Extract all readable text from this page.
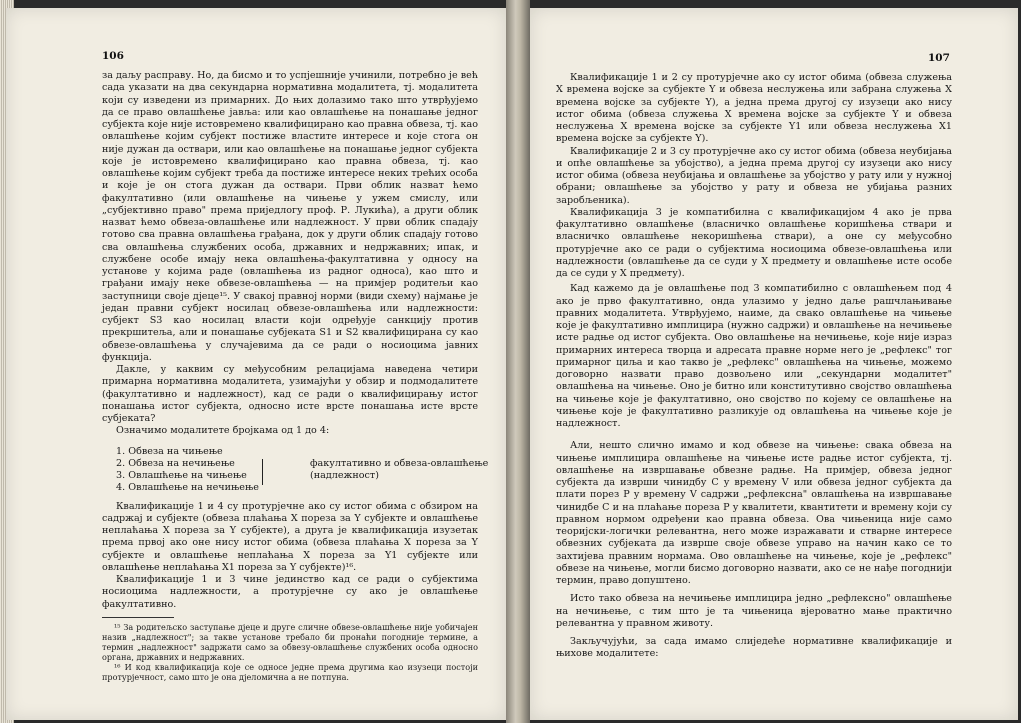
106

за даљу расправу. Но, да бисмо и то успјешније учинили, потребно је већ сада указати на два секундарна нормативна модалитета, тј. модалитета који су изведени из примарних. До њих долазимо тако што утврђујемо да се право овлашћење јавља: или као овлашћење на понашање једног субјекта које није истовремено квалифицирано као правна обвеза, тј. као овлашћење којим субјект постиже властите интересе и које стога он није дужан да оствари, или као овлашћење на понашање једног субјекта које је истовремено квалифицирано као правна обвеза, тј. као овлашћење којим субјект треба да постиже интересе неких трећих особа и које је он стога дужан да оствари. Први облик назват ћемо факултативно (или овлашћење на чињење у ужем смислу, или „субјективно право" према приједлогу проф. Р. Лукића), а други облик назват ћемо обвеза-овлашћење или надлежност. У први облик спадају готово сва правна овлашћења грађана, док у други облик спадају готово сва овлашћења службених особа, државних и недржавних; ипак, и службене особе имају нека овлашћења-факултативна у односу на установе у којима раде (овлашћења из радног односа), као што и грађани имају неке обвезе-овлашћења — на примјер родитељи као заступници своје дјеце¹⁵. У свакој правној норми (види схему) најмање је један правни субјект носилац обвезе-овлашћења или надлежности: субјект S3 као носилац власти који одређује санкцију против прекршитеља, али и понашање субјеката S1 и S2 квалифицирана су као обвезе-овлашћења у случајевима да се ради о носиоцима јавних функција.

Дакле, у каквим су међусобним релацијама наведена четири примарна нормативна модалитета, узимајући у обзир и подмодалитете (факултативно и надлежност), кад се ради о квалифицирању истог понашања истог субјекта, односно исте врсте понашања исте врсте субјеката?

Означимо модалитете бројкама од 1 до 4:

1. Обвеза на чињење
2. Обвеза на нечињење
3. Овлашћење на чињење
4. Овлашћење на нечињење
факултативно и обвеза-овлашћење (надлежност)

Квалификације 1 и 4 су протурјечне ако су истог обима с обзиром на садржај и субјекте (обвеза плаћања X пореза за Y субјекте и овлашћење неплаћања X пореза за Y субјекте), а друга је квалификација изузетак према првој ако оне нису истог обима (обвеза плаћања X пореза за Y субјекте и овлашћење неплаћања X пореза за Y1 субјекте или овлашћење неплаћања X1 пореза за Y субјекте)¹⁶.

Квалификације 1 и 3 чине јединство кад се ради о субјектима носиоцима надлежности, а протурјечне су ако је овлашћење факултативно.

¹⁵ За родитељско заступање дјеце и друге сличне обвезе-овлашћење није уобичајен назив „надлежност"; за такве установе требало би пронаћи погодније термине, а термин „надлежност" задржати само за обвезу-овлашћење службених особа односно органа, државних и недржавних.

¹⁶ И код квалификација које се односе једне према другима као изузеци постоји протурјечност, само што је она дјеломична а не потпуна.

107

Квалификације 1 и 2 су протурјечне ако су истог обима (обвеза служења X времена војске за субјекте Y и обвеза неслужења или забрана служења X времена војске за субјекте Y), а једна према другој су изузеци ако нису истог обима (обвеза служења X времена војске за субјекте Y и обвеза неслужења X времена војске за субјекте Y1 или обвеза неслужења X1 времена војске за субјекте Y).

Квалификације 2 и 3 су протурјечне ако су истог обима (обвеза неубијања и опће овлашћење за убојство), а једна према другој су изузеци ако нису истог обима (обвеза неубијања и овлашћење за убојство у рату или у нужној обрани; овлашћење за убојство у рату и обвеза не убијања разних заробљеника).

Квалификација 3 је компатибилна с квалификацијом 4 ако је прва факултативно овлашћење (власничко овлашћење коришћења ствари и власничко овлашћење некоришћења ствари), а оне су међусобно протурјечне ако се ради о субјектима носиоцима обвезе-овлашћења или надлежности (овлашћење да се суди у X предмету и овлашћење исте особе да се суди у X предмету).

Кад кажемо да је овлашћење под 3 компатибилно с овлашћењем под 4 ако је прво факултативно, онда улазимо у једно даље рашчлањивање правних модалитета. Утврђујемо, наиме, да свако овлашћење на чињење које је факултативно имплицира (нужно садржи) и овлашћење на нечињење исте радње од истог субјекта. Ово овлашћење на нечињење, које није израз примарних интереса творца и адресата правне норме него је „рефлекс" тог примарног циља и као такво је „рефлекс" овлашћења на чињење, можемо договорно назвати право дозвољено или „секундарни модалитет" овлашћења на чињење. Оно је битно или конститутивно својство овлашћења на чињење које је факултативно, оно својство по којему се овлашћење на чињење које је факултативно разликује од овлашћења на чињење које је надлежност.

Али, нешто слично имамо и код обвезе на чињење: свака обвеза на чињење имплицира овлашћење на чињење исте радње истог субјекта, тј. овлашћење на извршавање обвезне радње. На примјер, обвеза једног субјекта да изврши чинидбу C у времену V или обвеза једног субјекта да плати порез P у времену V садржи „рефлексна" овлашћења на извршавање чинидбе C и на плаћање пореза P у квалитети, квантитети и времену који су правном нормом одређени као правна обвеза. Ова чињеница није само теоријски-логички релевантна, него може изражавати и стварне интересе обвезних субјеката да извршe своје обвезе управо на начин како се то захтијева правним нормама. Ово овлашћење на чињење, које је „рефлекс" обвезе на чињење, могли бисмо договорно назвати, ако се не нађе погоднији термин, право допуштено.

Исто тако обвеза на нечињење имплицира једно „рефлексно" овлашћење на нечињење, с тим што је та чињеница вјероватно мање практично релевантна у правном животу.

Закључујући, за сада имамо слиједеће нормативне квалификације и њихове модалитете:
